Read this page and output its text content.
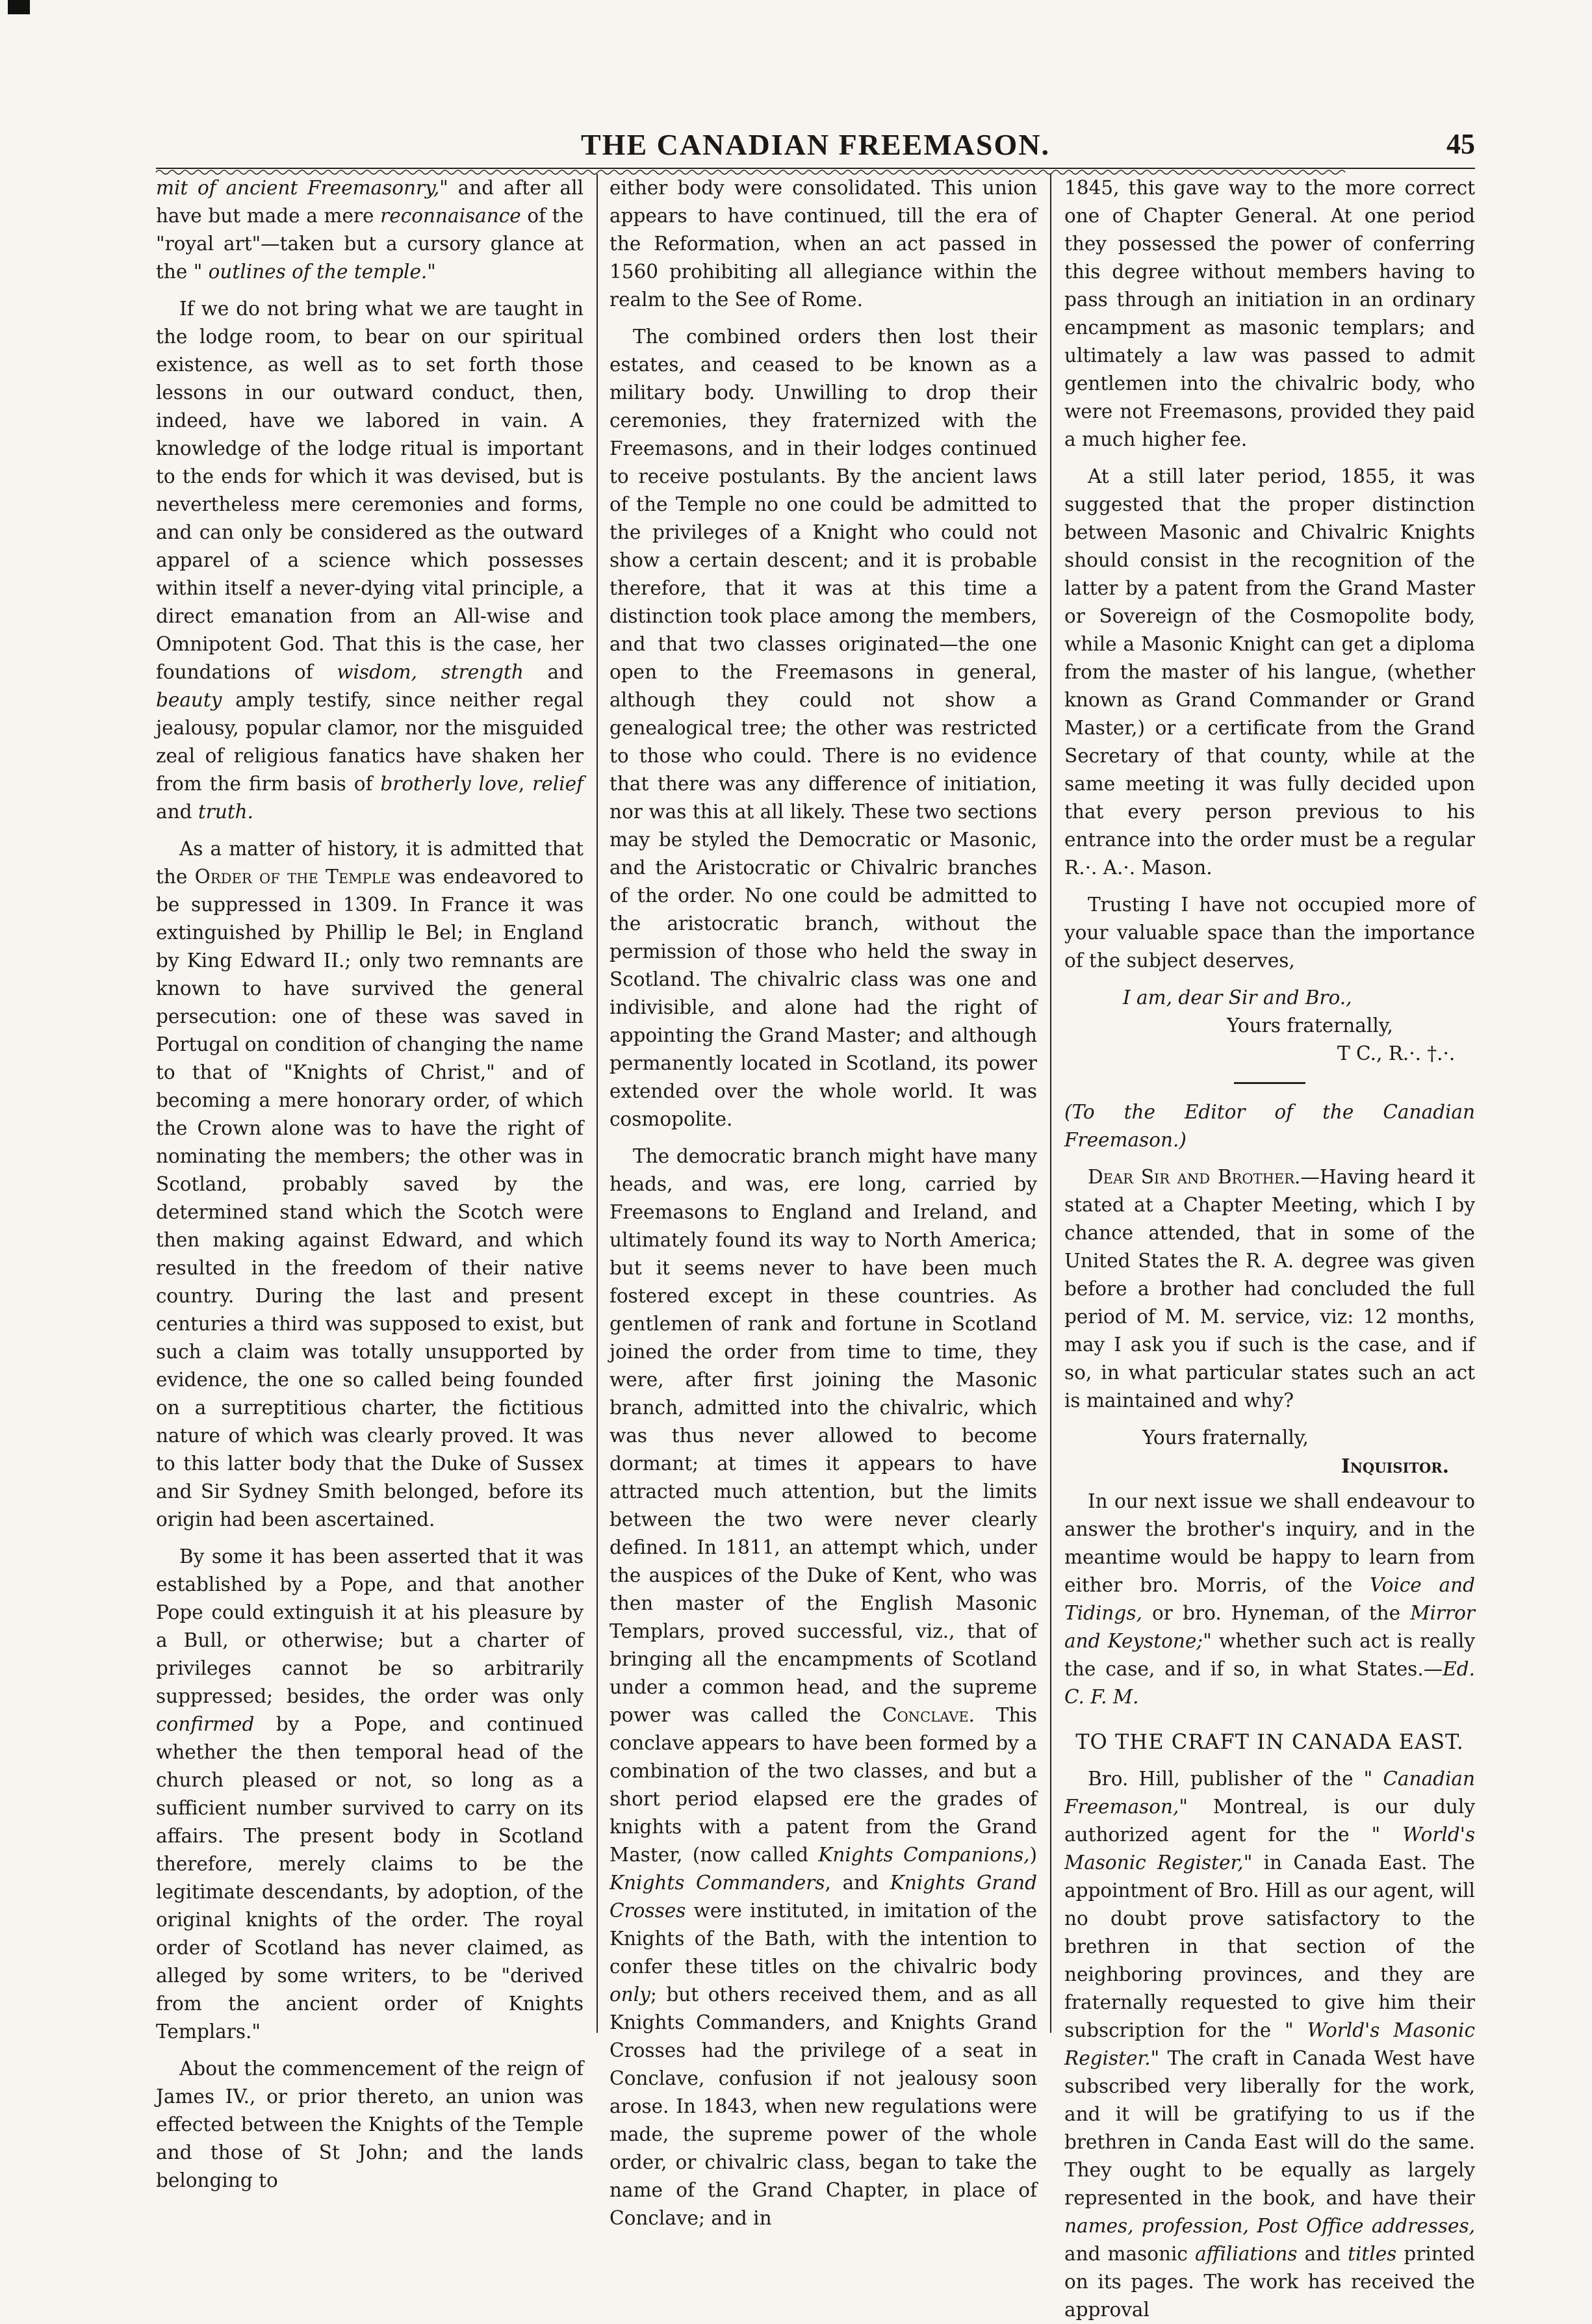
THE CANADIAN FREEMASON.	45

mit of ancient Freemasonry," and after all have but made a mere reconnaisance of the "royal art"—taken but a cursory glance at the " outlines of the temple."

If we do not bring what we are taught in the lodge room, to bear on our spiritual existence, as well as to set forth those lessons in our outward conduct, then, indeed, have we labored in vain. A knowledge of the lodge ritual is important to the ends for which it was devised, but is nevertheless mere ceremonies and forms, and can only be considered as the outward apparel of a science which possesses within itself a never-dying vital principle, a direct emanation from an All-wise and Omnipotent God. That this is the case, her foundations of wisdom, strength and beauty amply testify, since neither regal jealousy, popular clamor, nor the misguided zeal of religious fanatics have shaken her from the firm basis of brotherly love, relief and truth.

As a matter of history, it is admitted that the Order of the Temple was endeavored to be suppressed in 1309. In France it was extinguished by Phillip le Bel; in England by King Edward II.; only two remnants are known to have survived the general persecution: one of these was saved in Portugal on condition of changing the name to that of "Knights of Christ," and of becoming a mere honorary order, of which the Crown alone was to have the right of nominating the members; the other was in Scotland, probably saved by the determined stand which the Scotch were then making against Edward, and which resulted in the freedom of their native country. During the last and present centuries a third was supposed to exist, but such a claim was totally unsupported by evidence, the one so called being founded on a surreptitious charter, the fictitious nature of which was clearly proved. It was to this latter body that the Duke of Sussex and Sir Sydney Smith belonged, before its origin had been ascertained.

By some it has been asserted that it was established by a Pope, and that another Pope could extinguish it at his pleasure by a Bull, or otherwise; but a charter of privileges cannot be so arbitrarily suppressed; besides, the order was only confirmed by a Pope, and continued whether the then temporal head of the church pleased or not, so long as a sufficient number survived to carry on its affairs. The present body in Scotland therefore, merely claims to be the legitimate descendants, by adoption, of the original knights of the order. The royal order of Scotland has never claimed, as alleged by some writers, to be "derived from the ancient order of Knights Templars."

About the commencement of the reign of James IV., or prior thereto, an union was effected between the Knights of the Temple and those of St John; and the lands belonging to

either body were consolidated. This union appears to have continued, till the era of the Reformation, when an act passed in 1560 prohibiting all allegiance within the realm to the See of Rome.

The combined orders then lost their estates, and ceased to be known as a military body. Unwilling to drop their ceremonies, they fraternized with the Freemasons, and in their lodges continued to receive postulants. By the ancient laws of the Temple no one could be admitted to the privileges of a Knight who could not show a certain descent; and it is probable therefore, that it was at this time a distinction took place among the members, and that two classes originated—the one open to the Freemasons in general, although they could not show a genealogical tree; the other was restricted to those who could. There is no evidence that there was any difference of initiation, nor was this at all likely. These two sections may be styled the Democratic or Masonic, and the Aristocratic or Chivalric branches of the order. No one could be admitted to the aristocratic branch, without the permission of those who held the sway in Scotland. The chivalric class was one and indivisible, and alone had the right of appointing the Grand Master; and although permanently located in Scotland, its power extended over the whole world. It was cosmopolite.

The democratic branch might have many heads, and was, ere long, carried by Freemasons to England and Ireland, and ultimately found its way to North America; but it seems never to have been much fostered except in these countries. As gentlemen of rank and fortune in Scotland joined the order from time to time, they were, after first joining the Masonic branch, admitted into the chivalric, which was thus never allowed to become dormant; at times it appears to have attracted much attention, but the limits between the two were never clearly defined. In 1811, an attempt which, under the auspices of the Duke of Kent, who was then master of the English Masonic Templars, proved successful, viz., that of bringing all the encampments of Scotland under a common head, and the supreme power was called the Conclave. This conclave appears to have been formed by a combination of the two classes, and but a short period elapsed ere the grades of knights with a patent from the Grand Master, (now called Knights Companions,) Knights Commanders, and Knights Grand Crosses were instituted, in imitation of the Knights of the Bath, with the intention to confer these titles on the chivalric body only; but others received them, and as all Knights Commanders, and Knights Grand Crosses had the privilege of a seat in Conclave, confusion if not jealousy soon arose. In 1843, when new regulations were made, the supreme power of the whole order, or chivalric class, began to take the name of the Grand Chapter, in place of Conclave; and in

1845, this gave way to the more correct one of Chapter General. At one period they possessed the power of conferring this degree without members having to pass through an initiation in an ordinary encampment as masonic templars; and ultimately a law was passed to admit gentlemen into the chivalric body, who were not Freemasons, provided they paid a much higher fee.

At a still later period, 1855, it was suggested that the proper distinction between Masonic and Chivalric Knights should consist in the recognition of the latter by a patent from the Grand Master or Sovereign of the Cosmopolite body, while a Masonic Knight can get a diploma from the master of his langue, (whether known as Grand Commander or Grand Master,) or a certificate from the Grand Secretary of that county, while at the same meeting it was fully decided upon that every person previous to his entrance into the order must be a regular R.·. A.·. Mason.

Trusting I have not occupied more of your valuable space than the importance of the subject deserves,

I am, dear Sir and Bro.,

Yours fraternally,

T C., R.·. †.·.

(To the Editor of the Canadian Freemason.)

Dear Sir and Brother.—Having heard it stated at a Chapter Meeting, which I by chance attended, that in some of the United States the R. A. degree was given before a brother had concluded the full period of M. M. service, viz: 12 months, may I ask you if such is the case, and if so, in what particular states such an act is maintained and why?

Yours fraternally,

Inquisitor.

In our next issue we shall endeavour to answer the brother's inquiry, and in the meantime would be happy to learn from either bro. Morris, of the Voice and Tidings, or bro. Hyneman, of the Mirror and Keystone;" whether such act is really the case, and if so, in what States.—Ed. C. F. M.

TO THE CRAFT IN CANADA EAST.

Bro. Hill, publisher of the " Canadian Freemason," Montreal, is our duly authorized agent for the " World's Masonic Register," in Canada East. The appointment of Bro. Hill as our agent, will no doubt prove satisfactory to the brethren in that section of the neighboring provinces, and they are fraternally requested to give him their subscription for the " World's Masonic Register." The craft in Canada West have subscribed very liberally for the work, and it will be gratifying to us if the brethren in Canda East will do the same. They ought to be equally as largely represented in the book, and have their names, profession, Post Office addresses, and masonic affiliations and titles printed on its pages. The work has received the approval
